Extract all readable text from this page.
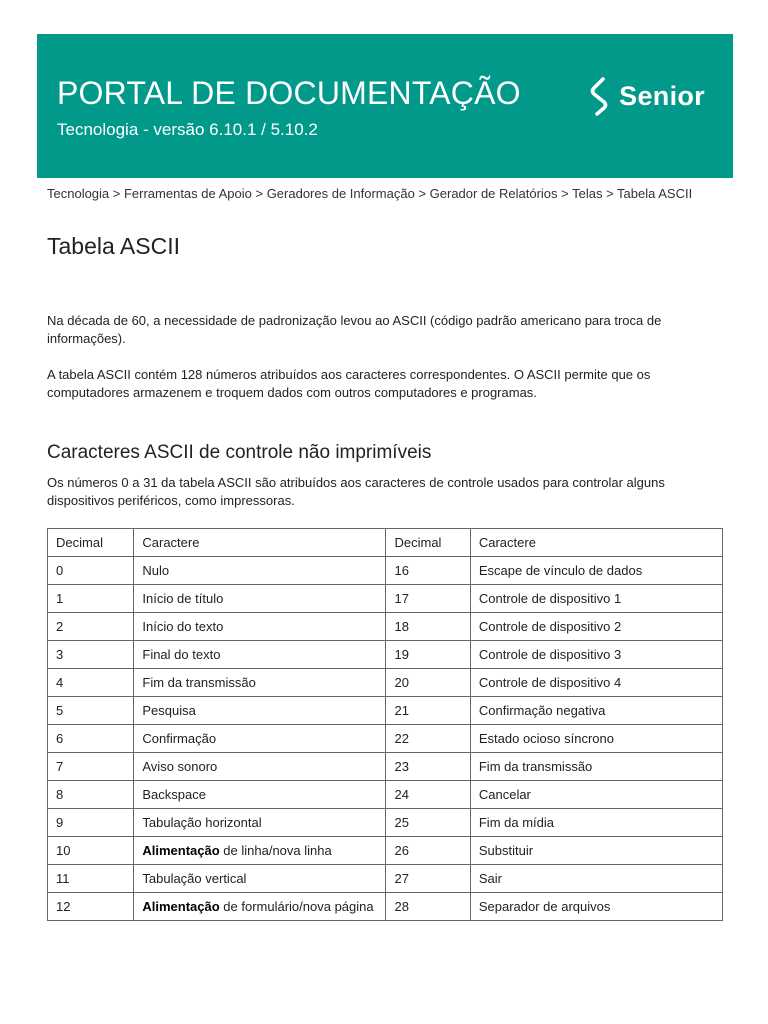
PORTAL DE DOCUMENTAÇÃO
Tecnologia - versão 6.10.1 / 5.10.2
Senior
Tecnologia > Ferramentas de Apoio > Geradores de Informação > Gerador de Relatórios > Telas > Tabela ASCII
Tabela ASCII

Na década de 60, a necessidade de padronização levou ao ASCII (código padrão americano para troca de informações).

A tabela ASCII contém 128 números atribuídos aos caracteres correspondentes. O ASCII permite que os computadores armazenem e troquem dados com outros computadores e programas.

Caracteres ASCII de controle não imprimíveis

Os números 0 a 31 da tabela ASCII são atribuídos aos caracteres de controle usados para controlar alguns dispositivos periféricos, como impressoras.

Decimal	Caractere	Decimal	Caractere
0	Nulo	16	Escape de vínculo de dados
1	Início de título	17	Controle de dispositivo 1
2	Início do texto	18	Controle de dispositivo 2
3	Final do texto	19	Controle de dispositivo 3
4	Fim da transmissão	20	Controle de dispositivo 4
5	Pesquisa	21	Confirmação negativa
6	Confirmação	22	Estado ocioso síncrono
7	Aviso sonoro	23	Fim da transmissão
8	Backspace	24	Cancelar
9	Tabulação horizontal	25	Fim da mídia
10	Alimentação de linha/nova linha	26	Substituir
11	Tabulação vertical	27	Sair
12	Alimentação de formulário/nova página	28	Separador de arquivos
